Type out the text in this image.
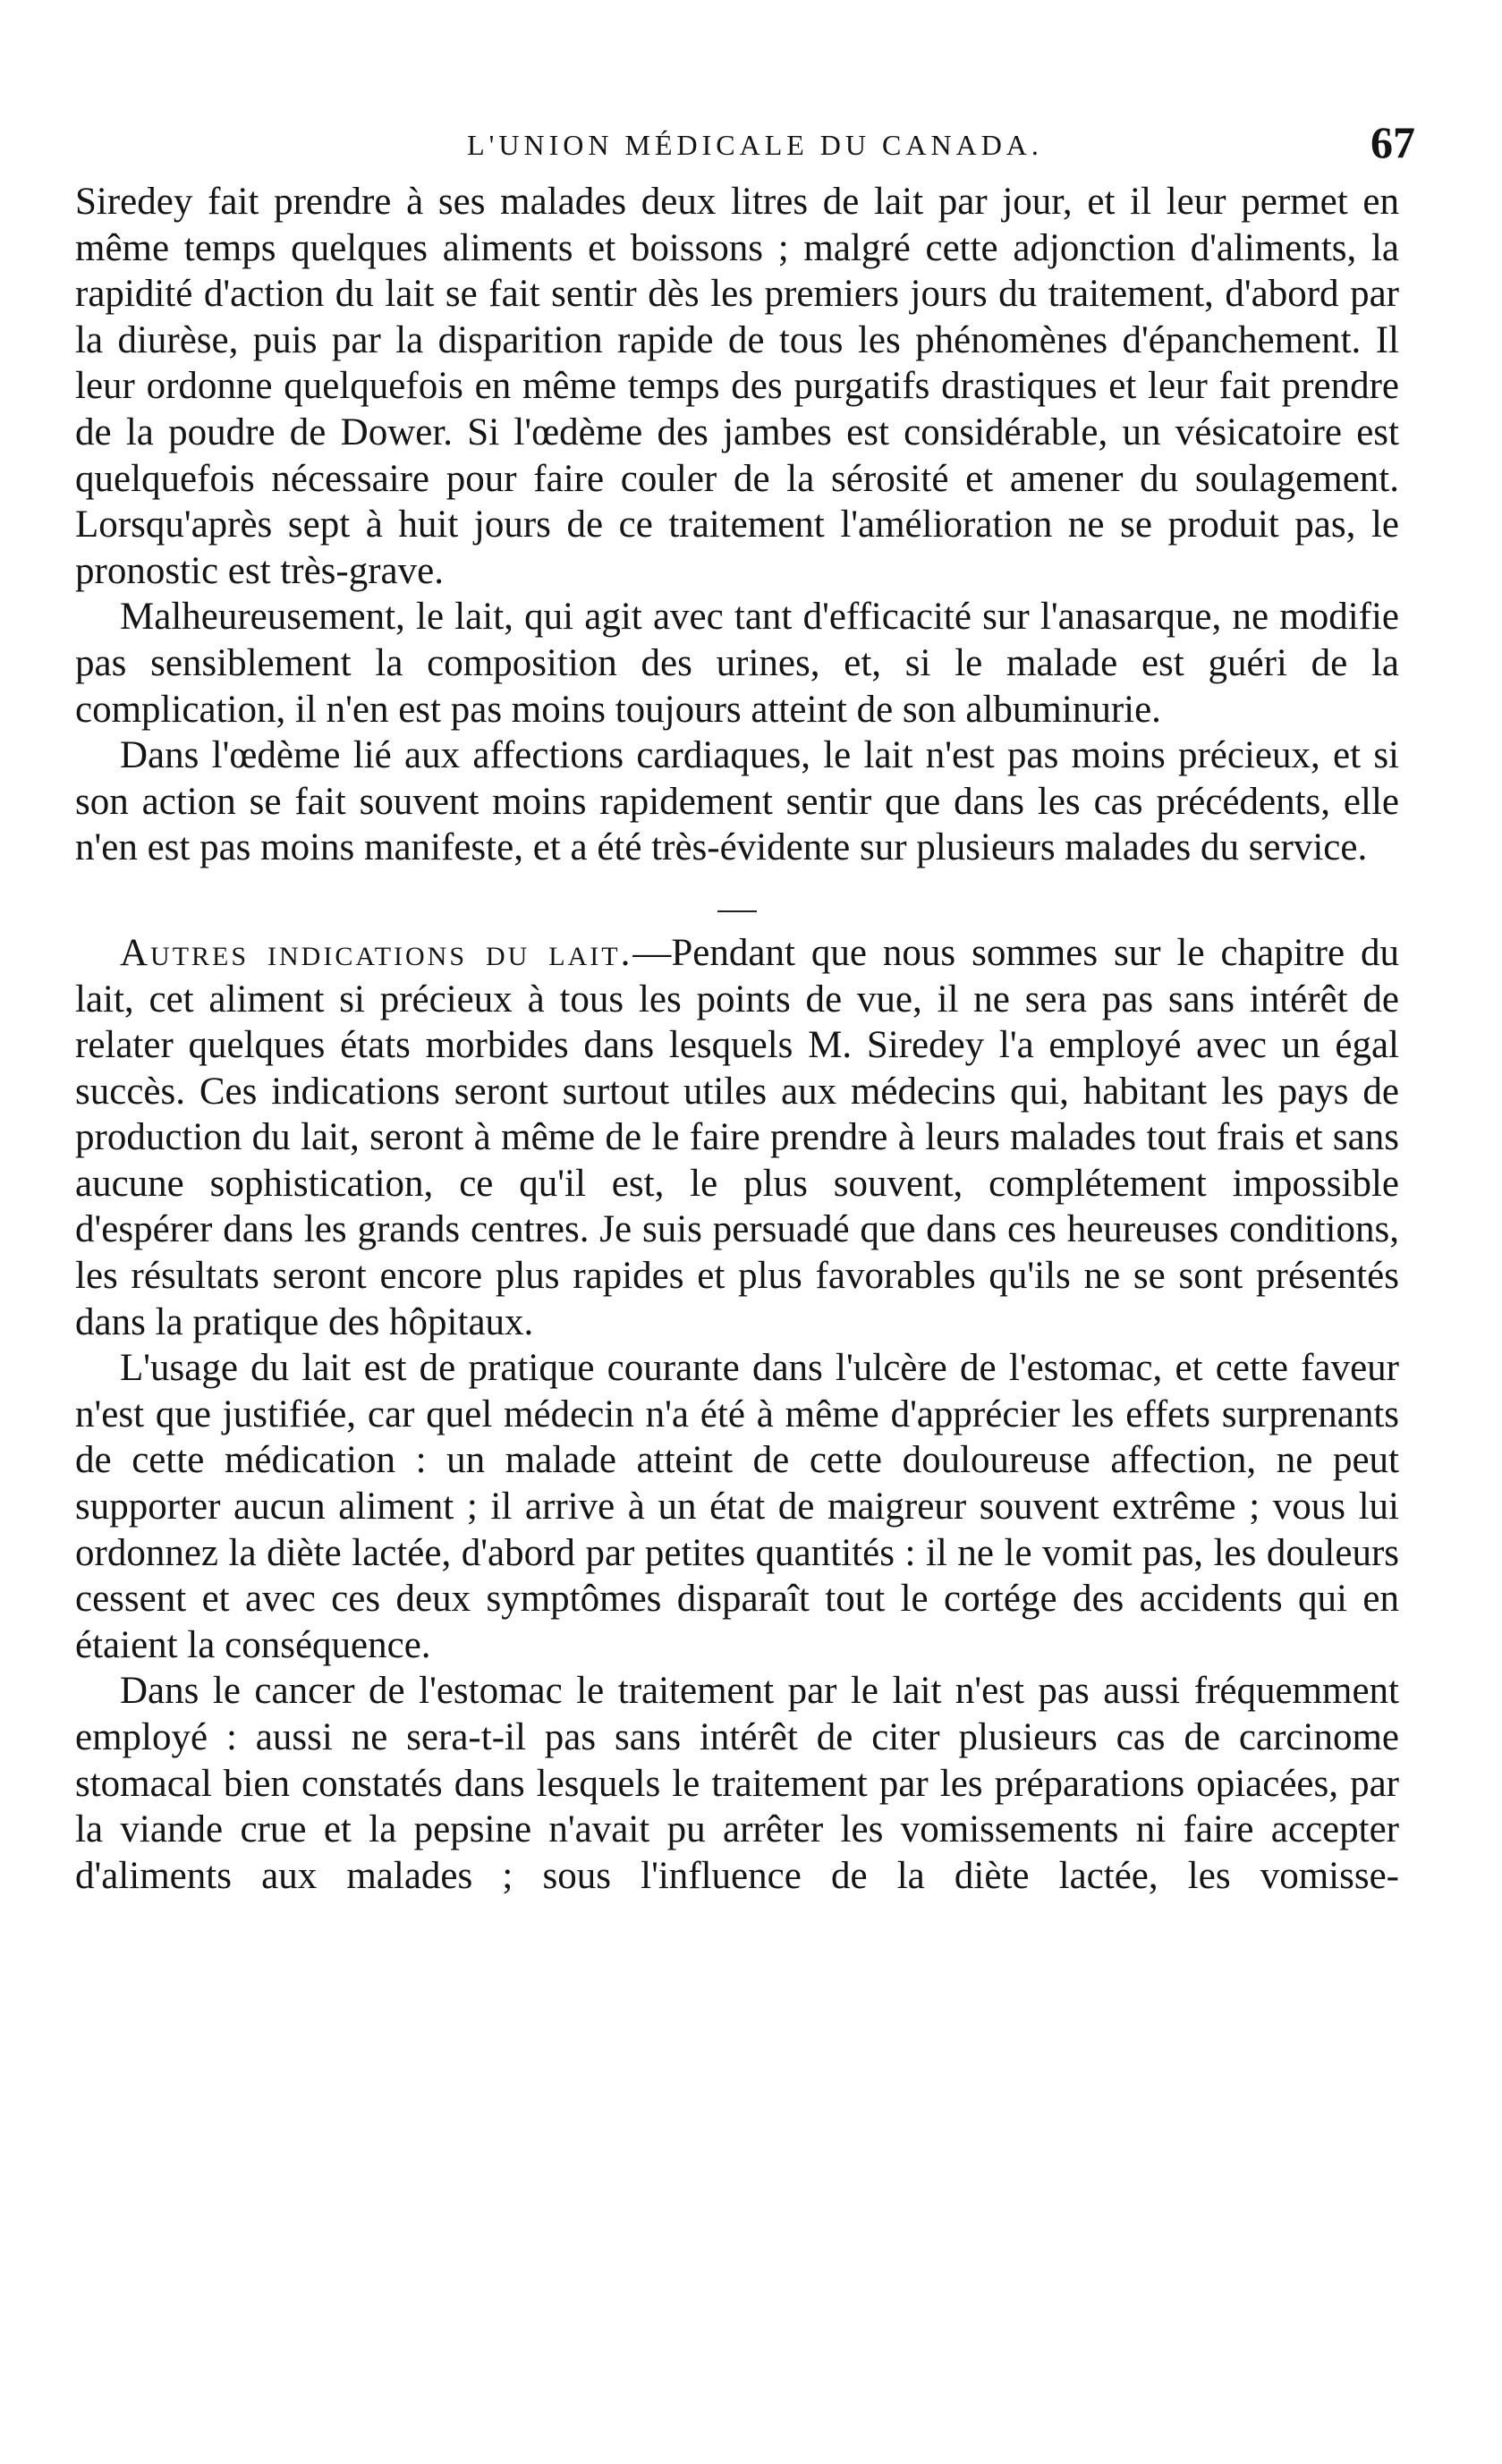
L'UNION MÉDICALE DU CANADA.	67

Siredey fait prendre à ses malades deux litres de lait par jour, et il leur permet en même temps quelques aliments et boissons ; malgré cette adjonction d'aliments, la rapidité d'action du lait se fait sentir dès les premiers jours du traitement, d'abord par la diurèse, puis par la disparition rapide de tous les phénomènes d'épanchement. Il leur ordonne quelquefois en même temps des purgatifs drastiques et leur fait prendre de la poudre de Dower. Si l'œdème des jambes est considérable, un vésicatoire est quelquefois nécessaire pour faire couler de la sérosité et amener du soulagement. Lorsqu'après sept à huit jours de ce traitement l'amélioration ne se produit pas, le pronostic est très-grave.

Malheureusement, le lait, qui agit avec tant d'efficacité sur l'anasarque, ne modifie pas sensiblement la composition des urines, et, si le malade est guéri de la complication, il n'en est pas moins toujours atteint de son albuminurie.

Dans l'œdème lié aux affections cardiaques, le lait n'est pas moins précieux, et si son action se fait souvent moins rapidement sentir que dans les cas précédents, elle n'en est pas moins manifeste, et a été très-évidente sur plusieurs malades du service.

Autres indications du lait.—Pendant que nous sommes sur le chapitre du lait, cet aliment si précieux à tous les points de vue, il ne sera pas sans intérêt de relater quelques états morbides dans lesquels M. Siredey l'a employé avec un égal succès. Ces indications seront surtout utiles aux médecins qui, habitant les pays de production du lait, seront à même de le faire prendre à leurs malades tout frais et sans aucune sophistication, ce qu'il est, le plus souvent, complétement impossible d'espérer dans les grands centres. Je suis persuadé que dans ces heureuses conditions, les résultats seront encore plus rapides et plus favorables qu'ils ne se sont présentés dans la pratique des hôpitaux.

L'usage du lait est de pratique courante dans l'ulcère de l'estomac, et cette faveur n'est que justifiée, car quel médecin n'a été à même d'apprécier les effets surprenants de cette médication : un malade atteint de cette douloureuse affection, ne peut supporter aucun aliment ; il arrive à un état de maigreur souvent extrême ; vous lui ordonnez la diète lactée, d'abord par petites quantités : il ne le vomit pas, les douleurs cessent et avec ces deux symptômes disparaît tout le cortége des accidents qui en étaient la conséquence.

Dans le cancer de l'estomac le traitement par le lait n'est pas aussi fréquemment employé : aussi ne sera-t-il pas sans intérêt de citer plusieurs cas de carcinome stomacal bien constatés dans lesquels le traitement par les préparations opiacées, par la viande crue et la pepsine n'avait pu arrêter les vomissements ni faire accepter d'aliments aux malades ; sous l'influence de la diète lactée, les vomisse-
